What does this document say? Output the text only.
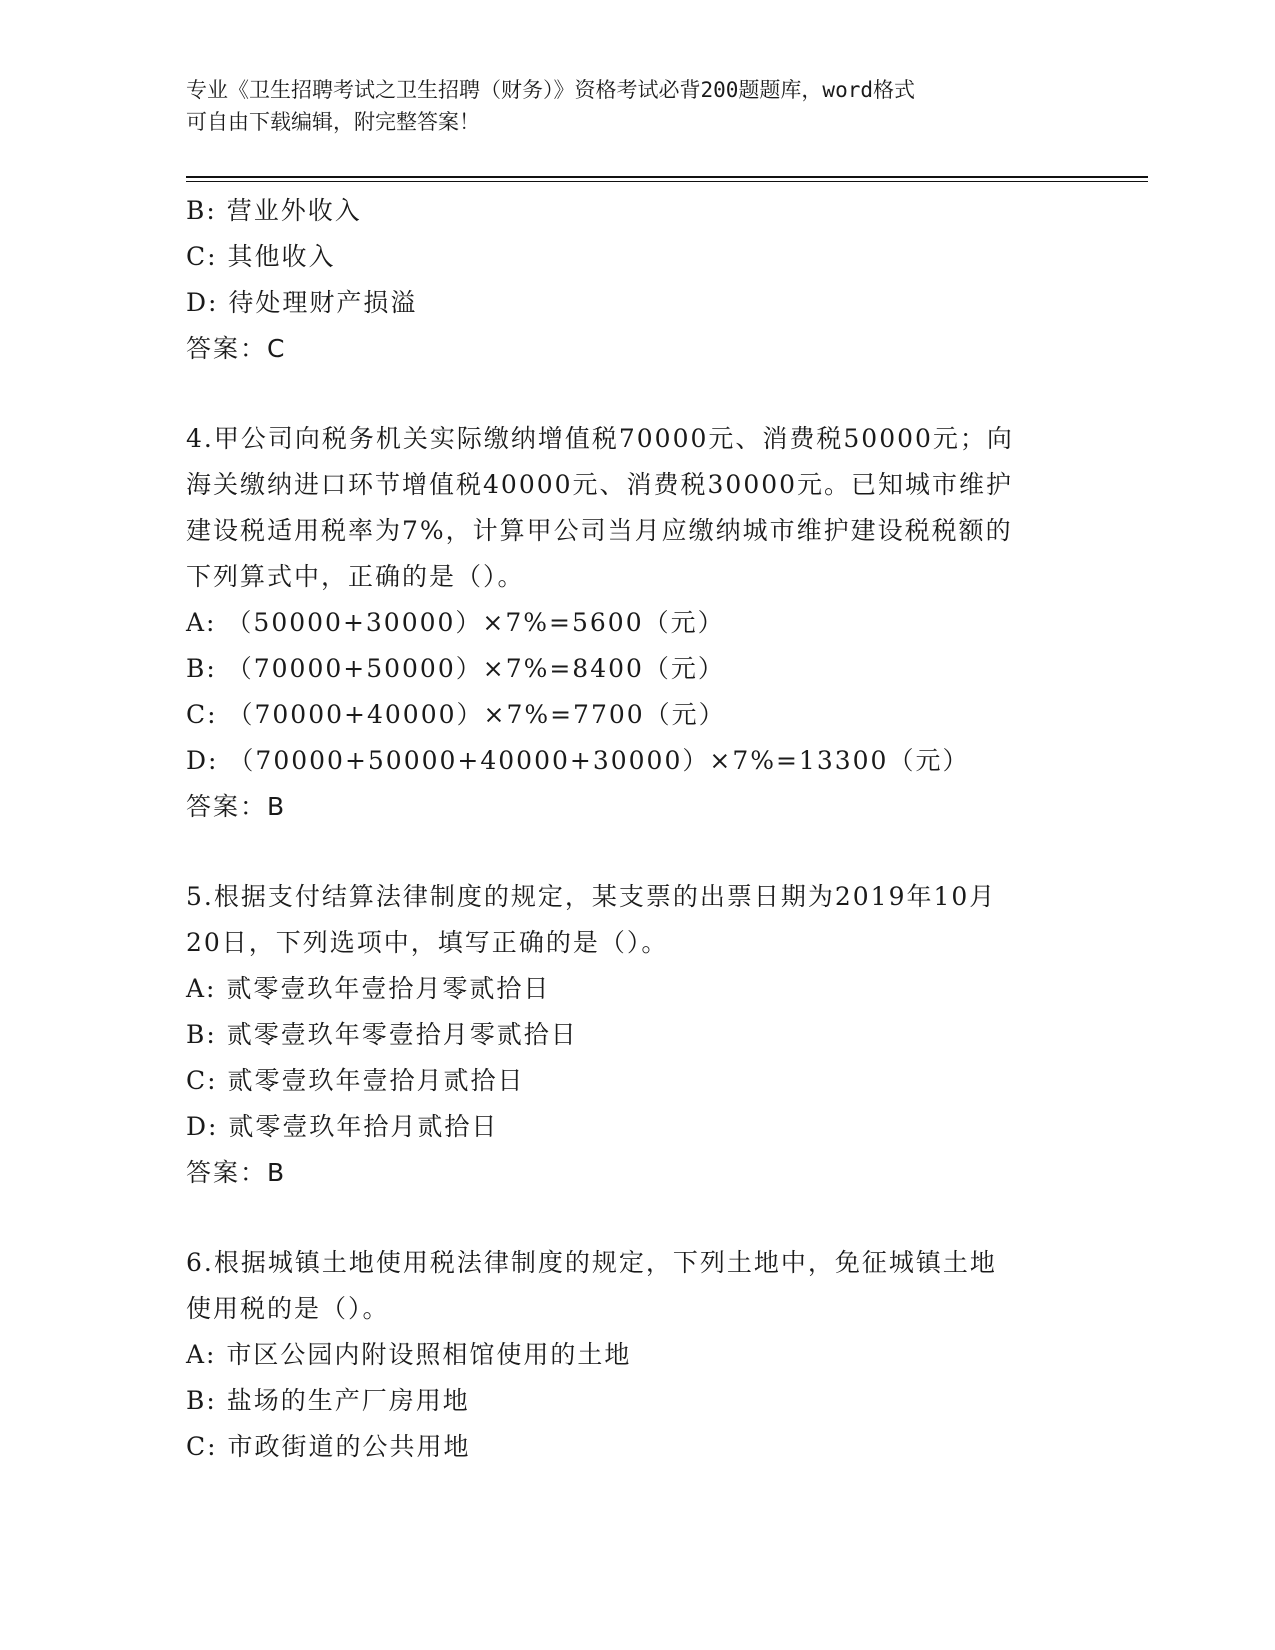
专业《卫生招聘考试之卫生招聘（财务）》资格考试必背200题题库，word格式
可自由下载编辑，附完整答案！
B: 营业外收入
C: 其他收入
D: 待处理财产损溢
答案：C
4.甲公司向税务机关实际缴纳增值税70000元、消费税50000元；向
海关缴纳进口环节增值税40000元、消费税30000元。已知城市维护
建设税适用税率为7%，计算甲公司当月应缴纳城市维护建设税税额的
下列算式中，正确的是（）。
A: （50000+30000）×7%=5600（元）
B: （70000+50000）×7%=8400（元）
C: （70000+40000）×7%=7700（元）
D: （70000+50000+40000+30000）×7%=13300（元）
答案：B
5.根据支付结算法律制度的规定，某支票的出票日期为2019年10月
20日，下列选项中，填写正确的是（）。
A: 贰零壹玖年壹拾月零贰拾日
B: 贰零壹玖年零壹拾月零贰拾日
C: 贰零壹玖年壹拾月贰拾日
D: 贰零壹玖年拾月贰拾日
答案：B
6.根据城镇土地使用税法律制度的规定，下列土地中，免征城镇土地
使用税的是（）。
A: 市区公园内附设照相馆使用的土地
B: 盐场的生产厂房用地
C: 市政街道的公共用地
